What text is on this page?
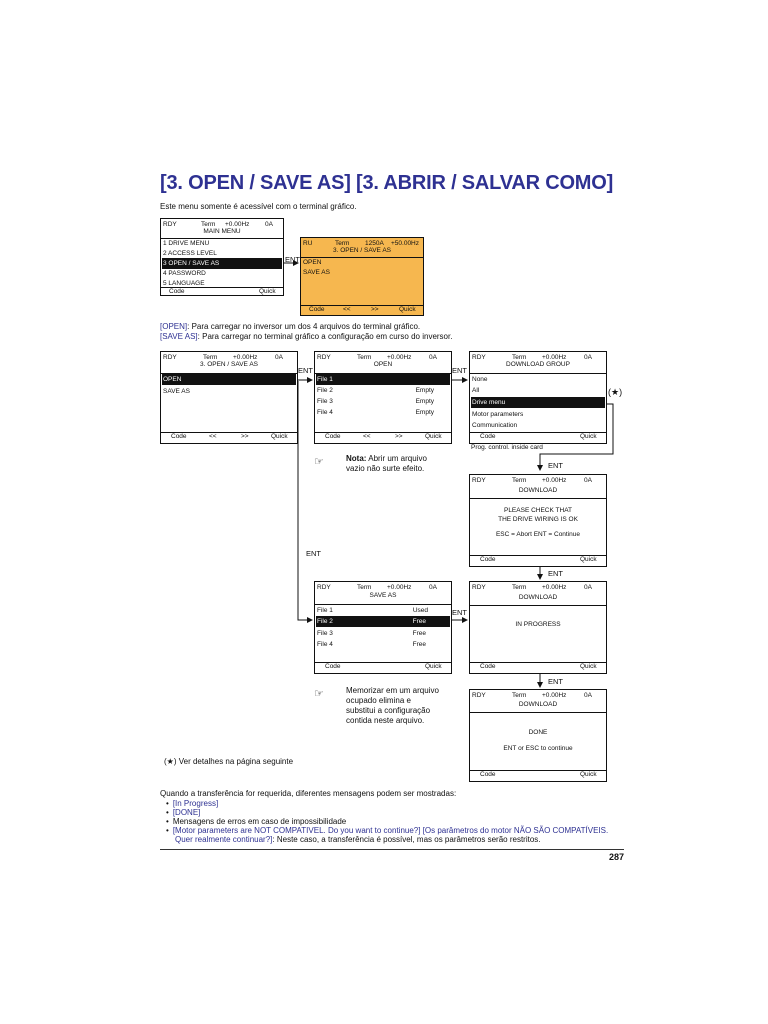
[3. OPEN / SAVE AS] [3. ABRIR / SALVAR COMO]
Este menu somente é acessível com o terminal gráfico.
RDY	Term +0.00Hz 0A
MAIN MENU
1 DRIVE MENU
2 ACCESS LEVEL
3 OPEN / SAVE AS
4 PASSWORD
5 LANGUAGE
Code	Quick
ENT
RU	Term 1250A +50.00Hz
3. OPEN / SAVE AS
OPEN
SAVE AS
Code	<<	>>	Quick
[OPEN]: Para carregar no inversor um dos 4 arquivos do terminal gráfico.
[SAVE AS]: Para carregar no terminal gráfico a configuração em curso do inversor.
RDY	Term +0.00Hz	0A
3. OPEN / SAVE AS
OPEN
SAVE AS
Code	<<	>>	Quick
ENT
RDY	Term +0.00Hz	0A
OPEN
File 1
File 2	Empty
File 3	Empty
File 4	Empty
Code	<<	>>	Quick
ENT
RDY	Term +0.00Hz	0A
DOWNLOAD GROUP
None
All
Drive menu
Motor parameters
Communication
Code	Quick
Prog. control. inside card
(★)
ENT
☞	Nota: Abrir um arquivo
vazio não surte efeito.
RDY	Term +0.00Hz	0A
DOWNLOAD
PLEASE CHECK THAT
THE DRIVE WIRING IS OK
ESC = Abort ENT = Continue
Code	Quick
ENT
ENT
RDY	Term +0.00Hz	0A
SAVE AS
File 1	Used
File 2	Free
File 3	Free
File 4	Free
Code	Quick
ENT
RDY	Term +0.00Hz	0A
DOWNLOAD
IN PROGRESS
Code	Quick
ENT
☞	Memorizar em um arquivo
ocupado elimina e
substitui a configuração
contida neste arquivo.
RDY	Term +0.00Hz	0A
DOWNLOAD
DONE
ENT or ESC to continue
Code	Quick
(★) Ver detalhes na página seguinte
Quando a transferência for requerida, diferentes mensagens podem ser mostradas:
• [In Progress]
• [DONE]
• Mensagens de erros em caso de impossibilidade
• [Motor parameters are NOT COMPATIVEL. Do you want to continue?] [Os parâmetros do motor NÃO SÃO COMPATÍVEIS.
Quer realmente continuar?]: Neste caso, a transferência é possível, mas os parâmetros serão restritos.
287
